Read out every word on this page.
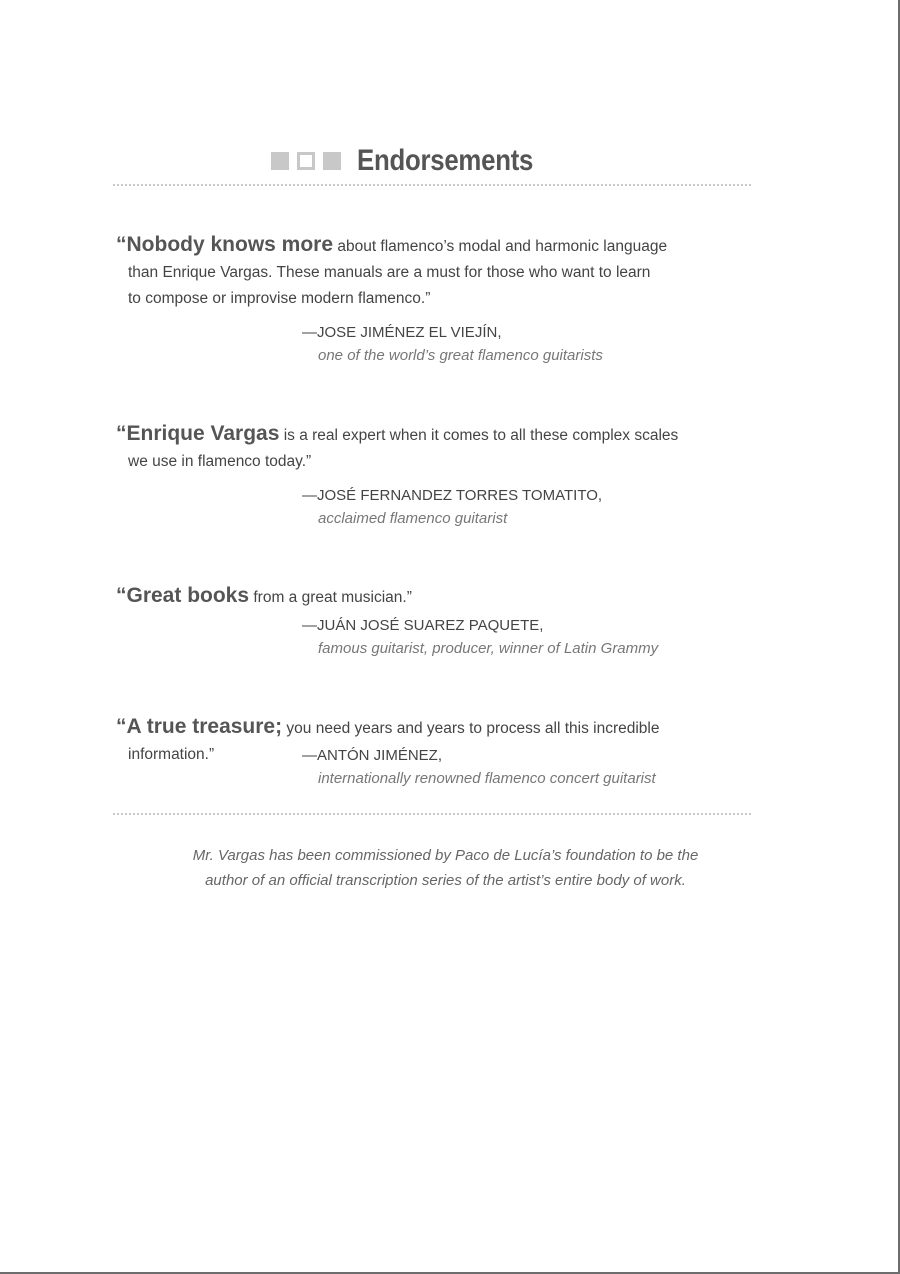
Endorsements
“Nobody knows more about flamenco’s modal and harmonic language
than Enrique Vargas. These manuals are a must for those who want to learn
to compose or improvise modern flamenco.”
—JOSE JIMÉNEZ EL VIEJÍN,
one of the world’s great flamenco guitarists
“Enrique Vargas is a real expert when it comes to all these complex scales
we use in flamenco today.”
—JOSÉ FERNANDEZ TORRES TOMATITO,
acclaimed flamenco guitarist
“Great books from a great musician.”
—JUÁN JOSÉ SUAREZ PAQUETE,
famous guitarist, producer, winner of Latin Grammy
“A true treasure; you need years and years to process all this incredible
information.”	—ANTÓN JIMÉNEZ,
internationally renowned flamenco concert guitarist
Mr. Vargas has been commissioned by Paco de Lucía’s foundation to be the
author of an official transcription series of the artist’s entire body of work.
